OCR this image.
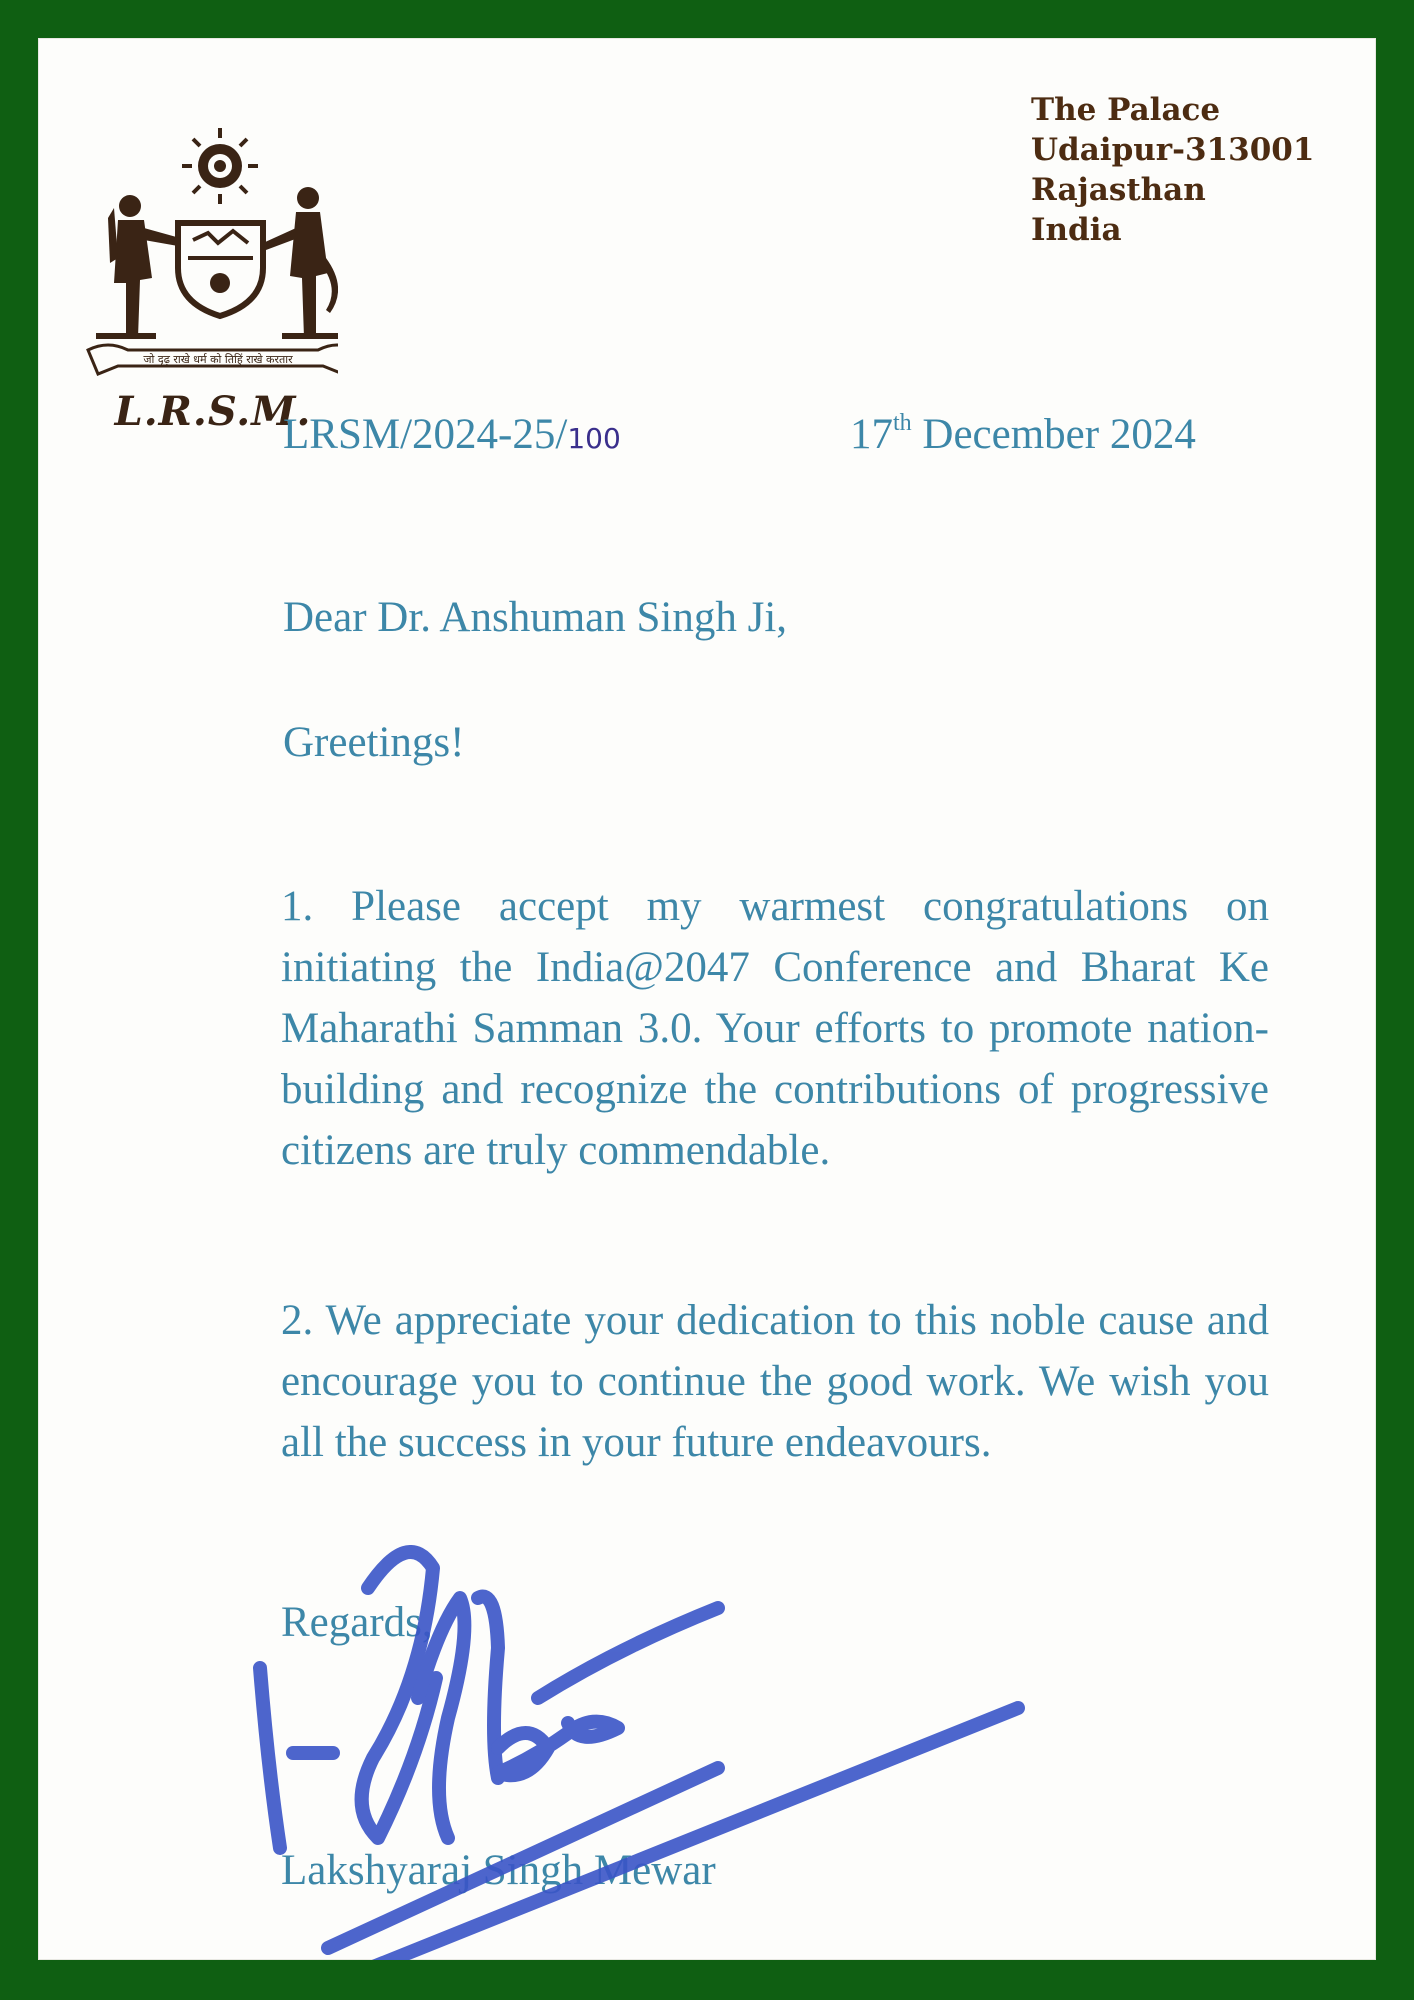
जो दृढ़ राखे धर्म को तिहिं राखे करतार
L.R.S.M.
The Palace
Udaipur-313001
Rajasthan
India
LRSM/2024-25/100	17th December 2024
Dear Dr. Anshuman Singh Ji,
Greetings!
1. Please accept my warmest congratulations on initiating the India@2047 Conference and Bharat Ke Maharathi Samman 3.0. Your efforts to promote nation-building and recognize the contributions of progressive citizens are truly commendable.
2. We appreciate your dedication to this noble cause and encourage you to continue the good work. We wish you all the success in your future endeavours.
Regards,
Lakshyaraj Singh Mewar
